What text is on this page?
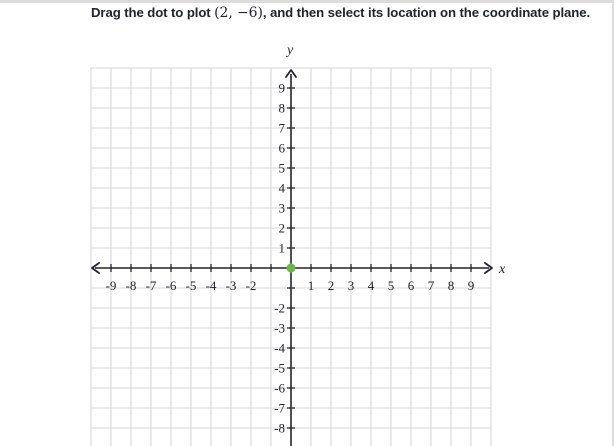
Drag the dot to plot (2, −6), and then select its location on the coordinate plane.
-9 -8 -7 -6 -5 -4 -3 -2	1 2 3 4 5 6 7 8 9
9
8
7
6
5
4
3
2
1
-2
-3
-4
-5
-6
-7
-8
x
y
